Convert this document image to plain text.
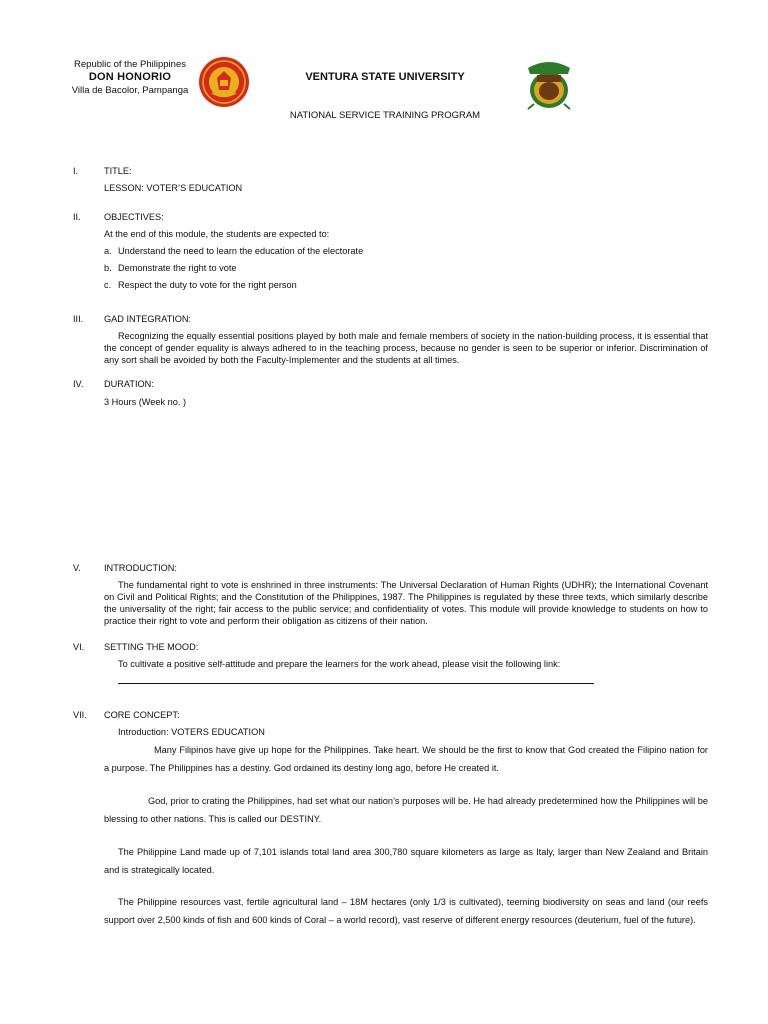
Republic of the Philippines
DON HONORIO
Villa de Bacolor, Pampanga
VENTURA STATE UNIVERSITY
NATIONAL SERVICE TRAINING PROGRAM
I.	TITLE:
LESSON: VOTER’S EDUCATION
II.	OBJECTIVES:
At the end of this module, the students are expected to:
a. Understand the need to learn the education of the electorate
b. Demonstrate the right to vote
c. Respect the duty to vote for the right person
III. GAD INTEGRATION:
Recognizing the equally essential positions played by both male and female members of society in the nation-building process, it is essential that the concept of gender equality is always adhered to in the teaching process, because no gender is seen to be superior or inferior. Discrimination of any sort shall be avoided by both the Faculty-Implementer and the students at all times.
IV. DURATION:
3 Hours (Week no. )
V.	INTRODUCTION:
The fundamental right to vote is enshrined in three instruments: The Universal Declaration of Human Rights (UDHR); the International Covenant on Civil and Political Rights; and the Constitution of the Philippines, 1987. The Philippines is regulated by these three texts, which similarly describe the universality of the right; fair access to the public service; and confidentiality of votes. This module will provide knowledge to students on how to practice their right to vote and perform their obligation as citizens of their nation.
VI. SETTING THE MOOD:
To cultivate a positive self-attitude and prepare the learners for the work ahead, please visit the following link:
VII. CORE CONCEPT:
Introduction: VOTERS EDUCATION
Many Filipinos have give up hope for the Philippines. Take heart. We should be the first to know that God created the Filipino nation for a purpose. The Philippines has a destiny. God ordained its destiny long ago, before He created it.
God, prior to crating the Philippines, had set what our nation’s purposes will be. He had already predetermined how the Philippines will be blessing to other nations. This is called our DESTINY.
The Philippine Land made up of 7,101 islands total land area 300,780 square kilometers as large as Italy, larger than New Zealand and Britain and is strategically located.
The Philippine resources vast, fertile agricultural land – 18M hectares (only 1/3 is cultivated), teeming biodiversity on seas and land (our reefs support over 2,500 kinds of fish and 600 kinds of Coral – a world record), vast reserve of different energy resources (deuterium, fuel of the future).
